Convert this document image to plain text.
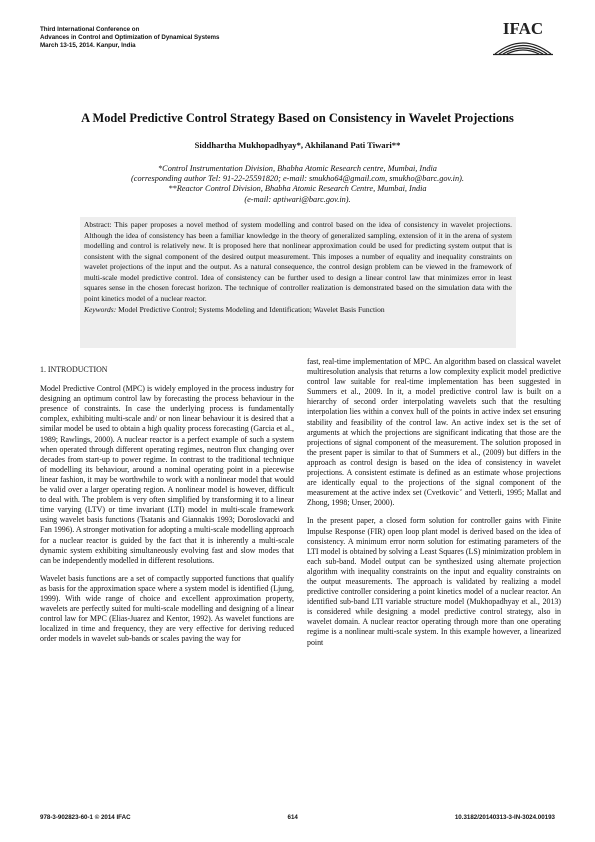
Third International Conference on
Advances in Control and Optimization of Dynamical Systems
March 13-15, 2014. Kanpur, India
IFAC
A Model Predictive Control Strategy Based on Consistency in Wavelet Projections
Siddhartha Mukhopadhyay*, Akhilanand Pati Tiwari**
*Control Instrumentation Division, Bhabha Atomic Research centre, Mumbai, India
(corresponding author Tel: 91-22-25591820; e-mail: smukho64@gmail.com, smukho@barc.gov.in).
**Reactor Control Division, Bhabha Atomic Research Centre, Mumbai, India
(e-mail: aptiwari@barc.gov.in).

Abstract: This paper proposes a novel method of system modelling and control based on the idea of consistency in wavelet projections. Although the idea of consistency has been a familiar knowledge in the theory of generalized sampling, extension of it in the arena of system modelling and control is relatively new. It is proposed here that nonlinear approximation could be used for predicting system output that is consistent with the signal component of the desired output measurement. This imposes a number of equality and inequality constraints on wavelet projections of the input and the output. As a natural consequence, the control design problem can be viewed in the framework of multi-scale model predictive control. Idea of consistency can be further used to design a linear control law that minimizes error in least squares sense in the chosen forecast horizon. The technique of controller realization is demonstrated based on the simulation data with the point kinetics model of a nuclear reactor.

Keywords: Model Predictive Control; Systems Modeling and Identification; Wavelet Basis Function

1. INTRODUCTION

Model Predictive Control (MPC) is widely employed in the process industry for designing an optimum control law by forecasting the process behaviour in the presence of constraints. In case the underlying process is fundamentally complex, exhibiting multi-scale and/ or non linear behaviour it is desired that a similar model be used to obtain a high quality process forecasting (Garcia et al., 1989; Rawlings, 2000). A nuclear reactor is a perfect example of such a system when operated through different operating regimes, neutron flux changing over decades from start-up to power regime. In contrast to the traditional technique of modelling its behaviour, around a nominal operating point in a piecewise linear fashion, it may be worthwhile to work with a nonlinear model that would be valid over a larger operating region. A nonlinear model is however, difficult to deal with. The problem is very often simplified by transforming it to a linear time varying (LTV) or time invariant (LTI) model in multi-scale framework using wavelet basis functions (Tsatanis and Giannakis 1993; Doroslovacki and Fan 1996). A stronger motivation for adopting a multi-scale modelling approach for a nuclear reactor is guided by the fact that it is inherently a multi-scale dynamic system exhibiting simultaneously evolving fast and slow modes that can be independently modelled in different resolutions.

Wavelet basis functions are a set of compactly supported functions that qualify as basis for the approximation space where a system model is identified (Ljung, 1999). With wide range of choice and excellent approximation property, wavelets are perfectly suited for multi-scale modelling and designing of a linear control law for MPC (Elias-Juarez and Kentor, 1992). As wavelet functions are localized in time and frequency, they are very effective for deriving reduced order models in wavelet sub-bands or scales paving the way for

fast, real-time implementation of MPC. An algorithm based on classical wavelet multiresolution analysis that returns a low complexity explicit model predictive control law suitable for real-time implementation has been suggested in Summers et al., 2009. In it, a model predictive control law is built on a hierarchy of second order interpolating wavelets such that the resulting interpolation lies within a convex hull of the points in active index set ensuring stability and feasibility of the control law. An active index set is the set of arguments at which the projections are significant indicating that those are the projections of signal component of the measurement. The solution proposed in the present paper is similar to that of Summers et al., (2009) but differs in the approach as control design is based on the idea of consistency in wavelet projections. A consistent estimate is defined as an estimate whose projections are identically equal to the projections of the signal component of the measurement at the active index set (Cvetkovicˇ and Vetterli, 1995; Mallat and Zhong, 1998; Unser, 2000).

In the present paper, a closed form solution for controller gains with Finite Impulse Response (FIR) open loop plant model is derived based on the idea of consistency. A minimum error norm solution for estimating parameters of the LTI model is obtained by solving a Least Squares (LS) minimization problem in each sub-band. Model output can be synthesized using alternate projection algorithm with inequality constraints on the input and equality constraints on the output measurements. The approach is validated by realizing a model predictive controller considering a point kinetics model of a nuclear reactor. An identified sub-band LTI variable structure model (Mukhopadhyay et al., 2013) is considered while designing a model predictive control strategy, also in wavelet domain. A nuclear reactor operating through more than one operating regime is a nonlinear multi-scale system. In this example however, a linearized point

978-3-902823-60-1 © 2014 IFAC	614	10.3182/20140313-3-IN-3024.00193
